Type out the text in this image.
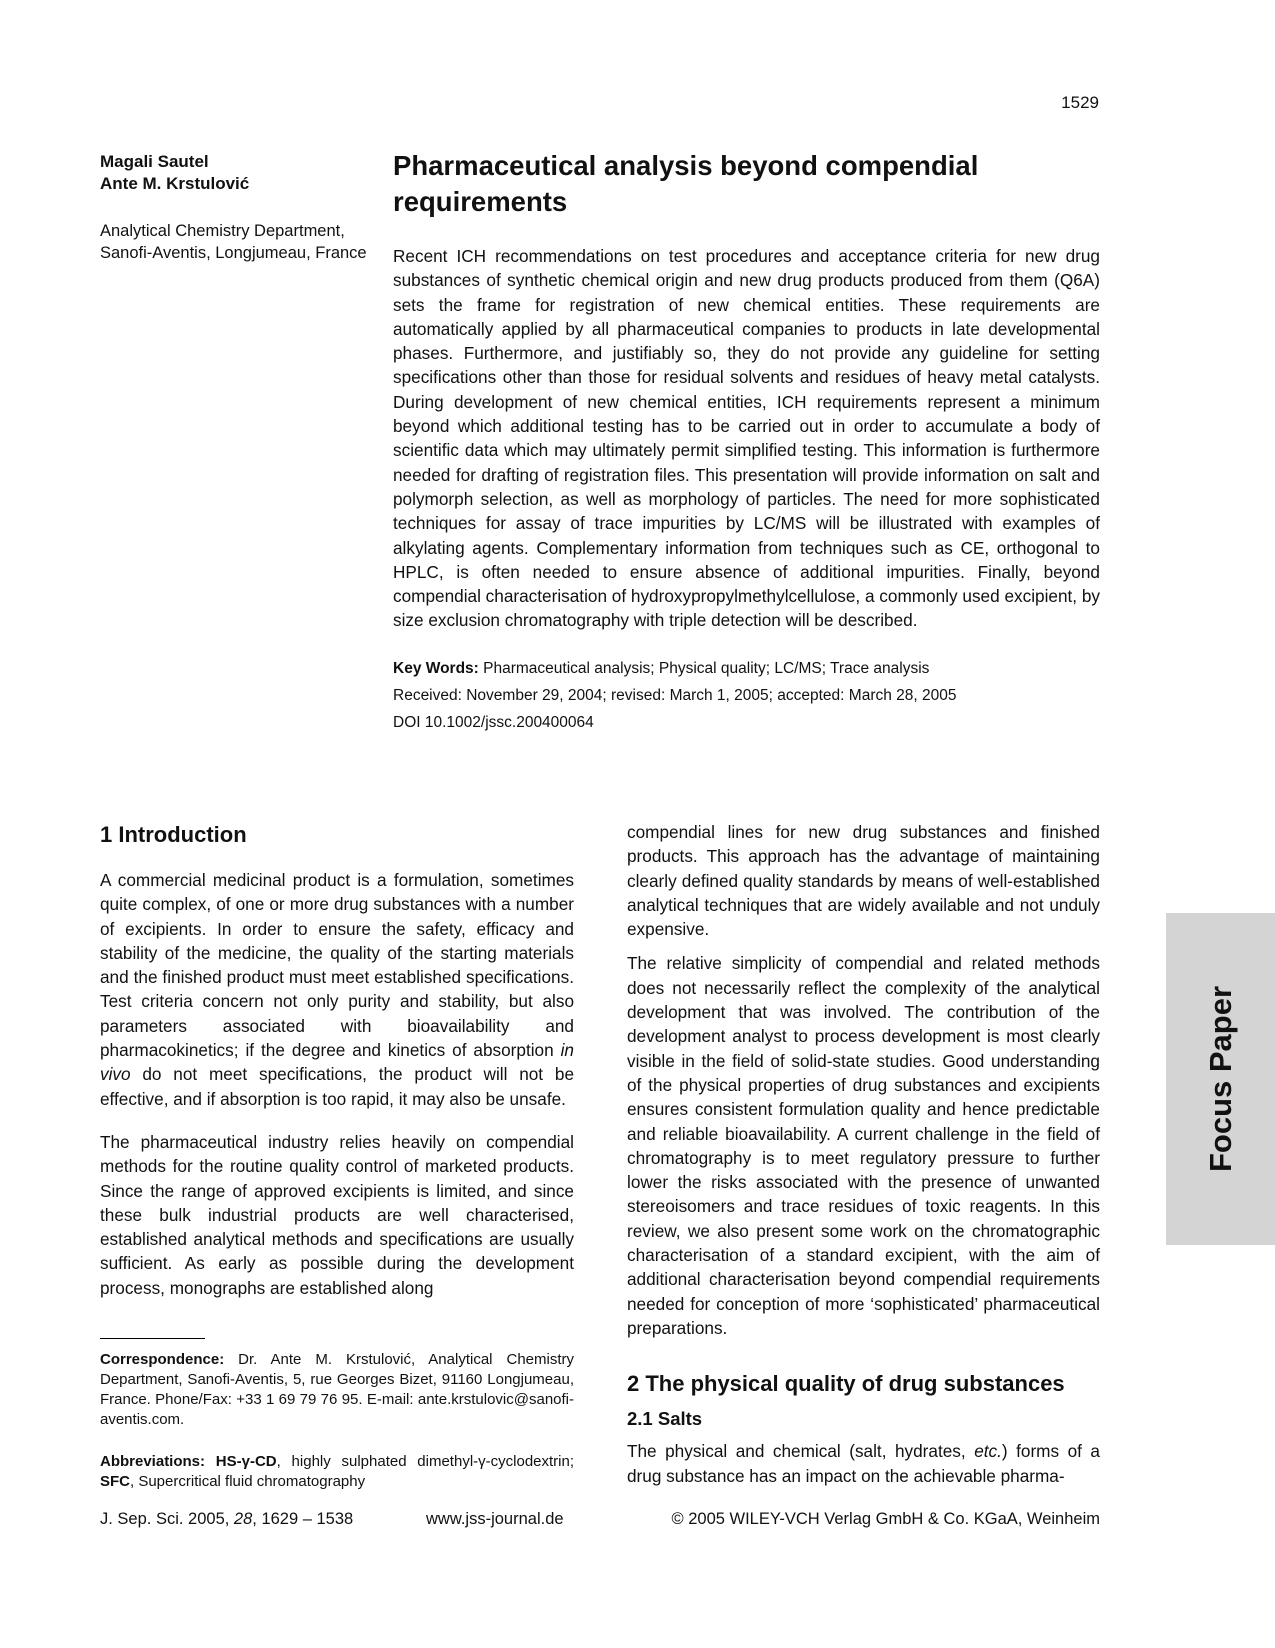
1529
Magali Sautel
Ante M. Krstulović
Analytical Chemistry Department, Sanofi-Aventis, Longjumeau, France
Pharmaceutical analysis beyond compendial requirements

Recent ICH recommendations on test procedures and acceptance criteria for new drug substances of synthetic chemical origin and new drug products produced from them (Q6A) sets the frame for registration of new chemical entities. These requirements are automatically applied by all pharmaceutical companies to products in late developmental phases. Furthermore, and justifiably so, they do not provide any guideline for setting specifications other than those for residual solvents and residues of heavy metal catalysts. During development of new chemical entities, ICH requirements represent a minimum beyond which additional testing has to be carried out in order to accumulate a body of scientific data which may ultimately permit simplified testing. This information is furthermore needed for drafting of registration files. This presentation will provide information on salt and polymorph selection, as well as morphology of particles. The need for more sophisticated techniques for assay of trace impurities by LC/MS will be illustrated with examples of alkylating agents. Complementary information from techniques such as CE, orthogonal to HPLC, is often needed to ensure absence of additional impurities. Finally, beyond compendial characterisation of hydroxypropylmethylcellulose, a commonly used excipient, by size exclusion chromatography with triple detection will be described.

Key Words: Pharmaceutical analysis; Physical quality; LC/MS; Trace analysis
Received: November 29, 2004; revised: March 1, 2005; accepted: March 28, 2005
DOI 10.1002/jssc.200400064
1 Introduction

A commercial medicinal product is a formulation, sometimes quite complex, of one or more drug substances with a number of excipients. In order to ensure the safety, efficacy and stability of the medicine, the quality of the starting materials and the finished product must meet established specifications. Test criteria concern not only purity and stability, but also parameters associated with bioavailability and pharmacokinetics; if the degree and kinetics of absorption in vivo do not meet specifications, the product will not be effective, and if absorption is too rapid, it may also be unsafe.

The pharmaceutical industry relies heavily on compendial methods for the routine quality control of marketed products. Since the range of approved excipients is limited, and since these bulk industrial products are well characterised, established analytical methods and specifications are usually sufficient. As early as possible during the development process, monographs are established along

Correspondence: Dr. Ante M. Krstulović, Analytical Chemistry Department, Sanofi-Aventis, 5, rue Georges Bizet, 91160 Longjumeau, France. Phone/Fax: +33 1 69 79 76 95. E-mail: ante.krstulovic@sanofi-aventis.com.
Abbreviations: HS-γ-CD, highly sulphated dimethyl-γ-cyclodextrin; SFC, Supercritical fluid chromatography

compendial lines for new drug substances and finished products. This approach has the advantage of maintaining clearly defined quality standards by means of well-established analytical techniques that are widely available and not unduly expensive.

The relative simplicity of compendial and related methods does not necessarily reflect the complexity of the analytical development that was involved. The contribution of the development analyst to process development is most clearly visible in the field of solid-state studies. Good understanding of the physical properties of drug substances and excipients ensures consistent formulation quality and hence predictable and reliable bioavailability. A current challenge in the field of chromatography is to meet regulatory pressure to further lower the risks associated with the presence of unwanted stereoisomers and trace residues of toxic reagents. In this review, we also present some work on the chromatographic characterisation of a standard excipient, with the aim of additional characterisation beyond compendial requirements needed for conception of more ‘sophisticated’ pharmaceutical preparations.

2 The physical quality of drug substances
2.1 Salts

The physical and chemical (salt, hydrates, etc.) forms of a drug substance has an impact on the achievable pharma-

J. Sep. Sci. 2005, 28, 1629 – 1538	www.jss-journal.de	© 2005 WILEY-VCH Verlag GmbH & Co. KGaA, Weinheim
Focus Paper
